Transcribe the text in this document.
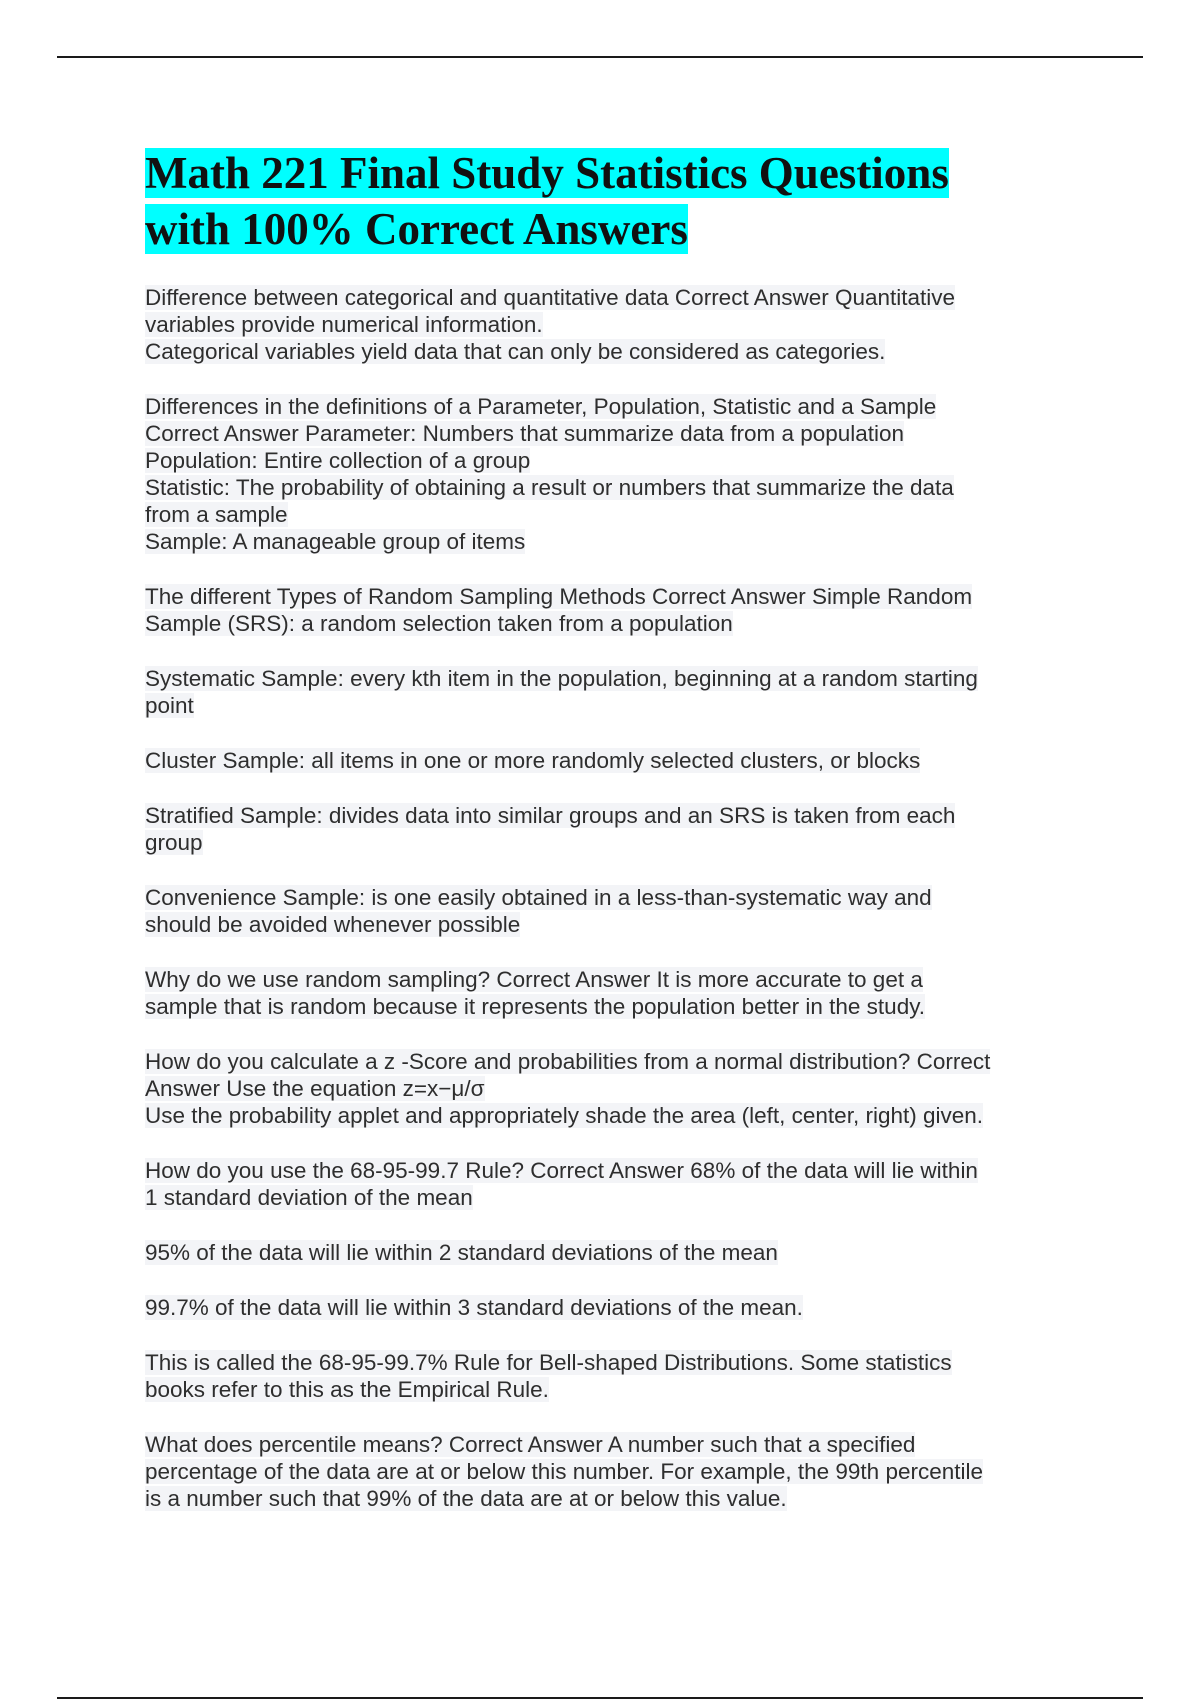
Math 221 Final Study Statistics Questions
with 100% Correct Answers
Difference between categorical and quantitative data Correct Answer Quantitative
variables provide numerical information.
Categorical variables yield data that can only be considered as categories.
Differences in the definitions of a Parameter, Population, Statistic and a Sample
Correct Answer Parameter: Numbers that summarize data from a population
Population: Entire collection of a group
Statistic: The probability of obtaining a result or numbers that summarize the data
from a sample
Sample: A manageable group of items
The different Types of Random Sampling Methods Correct Answer Simple Random
Sample (SRS): a random selection taken from a population
Systematic Sample: every kth item in the population, beginning at a random starting
point
Cluster Sample: all items in one or more randomly selected clusters, or blocks
Stratified Sample: divides data into similar groups and an SRS is taken from each
group
Convenience Sample: is one easily obtained in a less-than-systematic way and
should be avoided whenever possible
Why do we use random sampling? Correct Answer It is more accurate to get a
sample that is random because it represents the population better in the study.
How do you calculate a z -Score and probabilities from a normal distribution? Correct
Answer Use the equation z=x−μ/σ
Use the probability applet and appropriately shade the area (left, center, right) given.
How do you use the 68-95-99.7 Rule? Correct Answer 68% of the data will lie within
1 standard deviation of the mean
95% of the data will lie within 2 standard deviations of the mean
99.7% of the data will lie within 3 standard deviations of the mean.
This is called the 68-95-99.7% Rule for Bell-shaped Distributions. Some statistics
books refer to this as the Empirical Rule.
What does percentile means? Correct Answer A number such that a specified
percentage of the data are at or below this number. For example, the 99th percentile
is a number such that 99% of the data are at or below this value.
